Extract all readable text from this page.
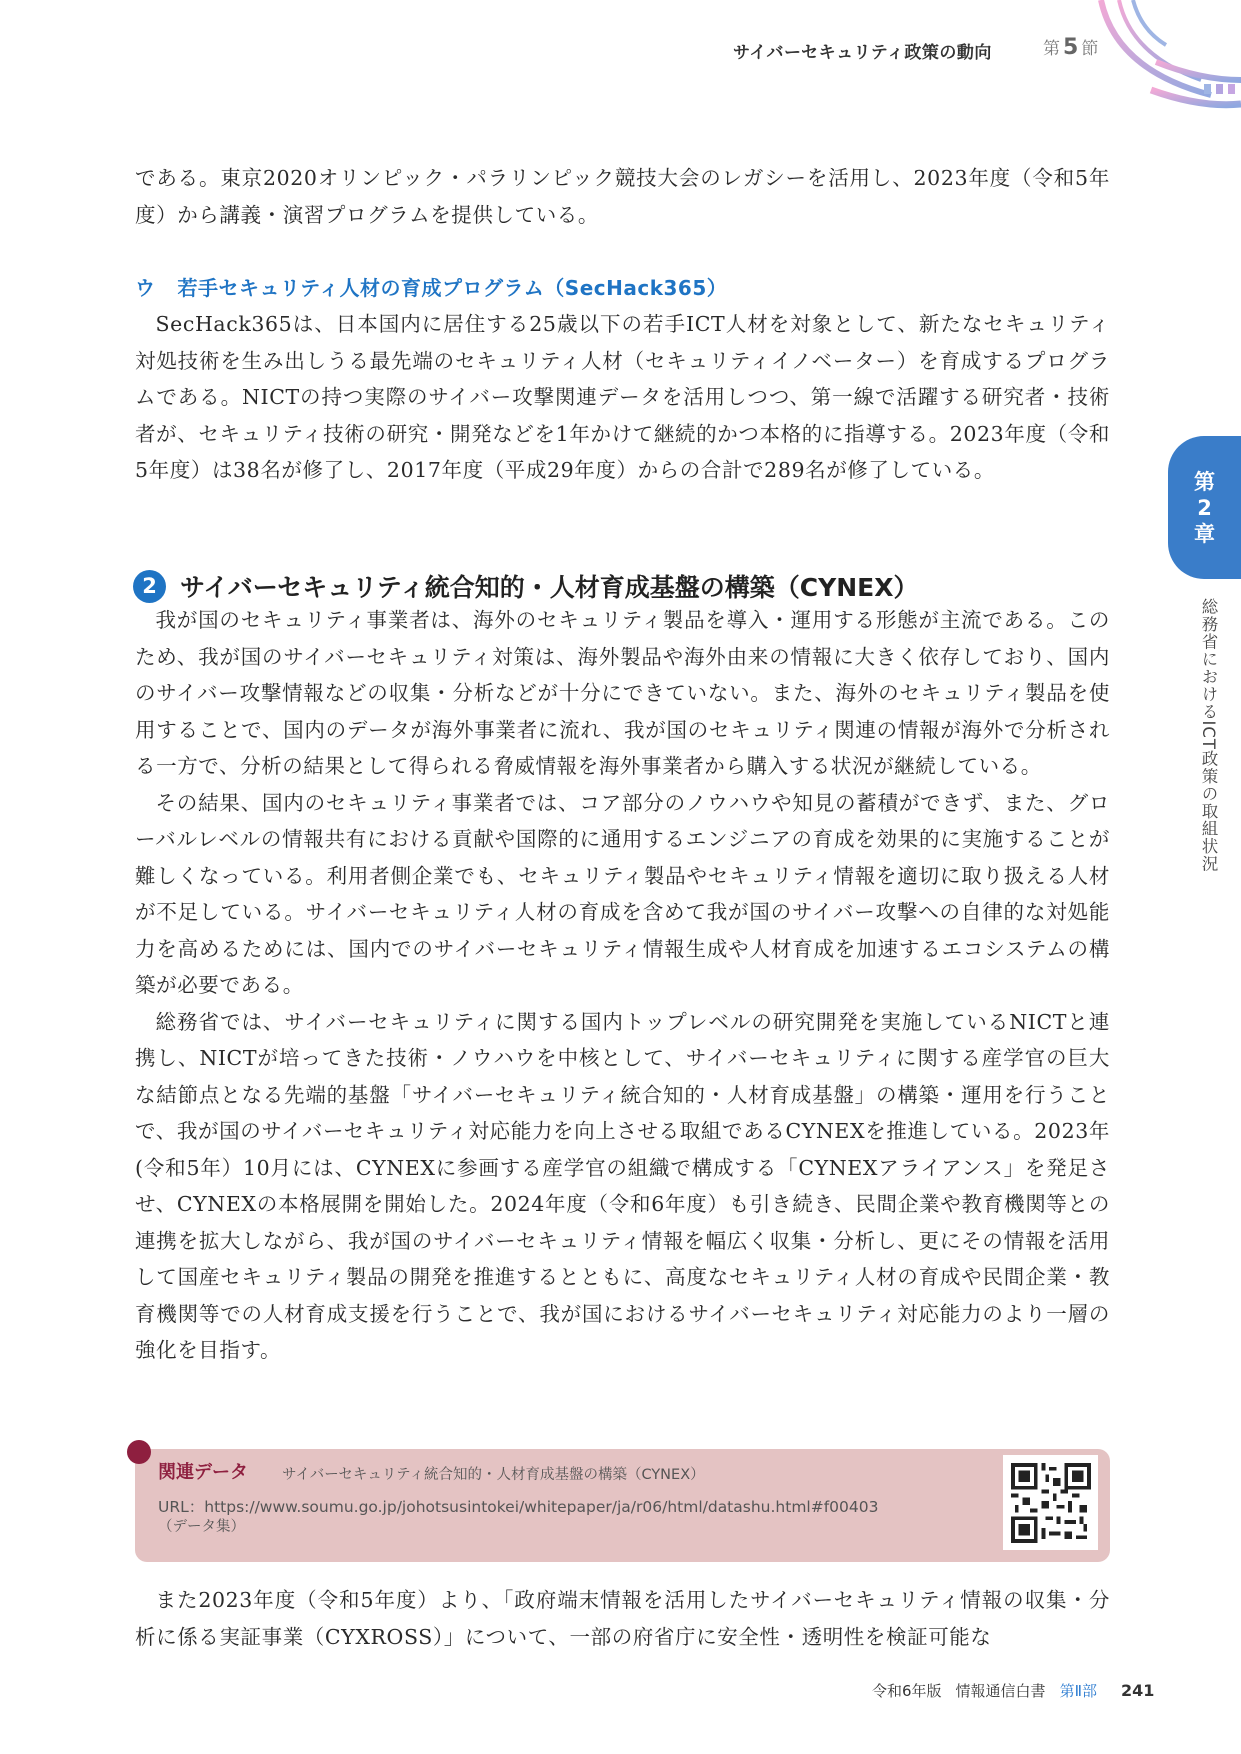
サイバーセキュリティ政策の動向	第 5 節
第
2
章
総務省におけるICT政策の取組状況

である。東京2020オリンピック・パラリンピック競技大会のレガシーを活用し、2023年度（令和5年度）から講義・演習プログラムを提供している。

ウ 若手セキュリティ人材の育成プログラム（SecHack365）

SecHack365は、日本国内に居住する25歳以下の若手ICT人材を対象として、新たなセキュリティ対処技術を生み出しうる最先端のセキュリティ人材（セキュリティイノベーター）を育成するプログラムである。NICTの持つ実際のサイバー攻撃関連データを活用しつつ、第一線で活躍する研究者・技術者が、セキュリティ技術の研究・開発などを1年かけて継続的かつ本格的に指導する。2023年度（令和5年度）は38名が修了し、2017年度（平成29年度）からの合計で289名が修了している。

2 サイバーセキュリティ統合知的・人材育成基盤の構築（CYNEX）

我が国のセキュリティ事業者は、海外のセキュリティ製品を導入・運用する形態が主流である。このため、我が国のサイバーセキュリティ対策は、海外製品や海外由来の情報に大きく依存しており、国内のサイバー攻撃情報などの収集・分析などが十分にできていない。また、海外のセキュリティ製品を使用することで、国内のデータが海外事業者に流れ、我が国のセキュリティ関連の情報が海外で分析される一方で、分析の結果として得られる脅威情報を海外事業者から購入する状況が継続している。

その結果、国内のセキュリティ事業者では、コア部分のノウハウや知見の蓄積ができず、また、グローバルレベルの情報共有における貢献や国際的に通用するエンジニアの育成を効果的に実施することが難しくなっている。利用者側企業でも、セキュリティ製品やセキュリティ情報を適切に取り扱える人材が不足している。サイバーセキュリティ人材の育成を含めて我が国のサイバー攻撃への自律的な対処能力を高めるためには、国内でのサイバーセキュリティ情報生成や人材育成を加速するエコシステムの構築が必要である。

総務省では、サイバーセキュリティに関する国内トップレベルの研究開発を実施しているNICTと連携し、NICTが培ってきた技術・ノウハウを中核として、サイバーセキュリティに関する産学官の巨大な結節点となる先端的基盤「サイバーセキュリティ統合知的・人材育成基盤」の構築・運用を行うことで、我が国のサイバーセキュリティ対応能力を向上させる取組であるCYNEXを推進している。2023年(令和5年）10月には、CYNEXに参画する産学官の組織で構成する「CYNEXアライアンス」を発足させ、CYNEXの本格展開を開始した。2024年度（令和6年度）も引き続き、民間企業や教育機関等との連携を拡大しながら、我が国のサイバーセキュリティ情報を幅広く収集・分析し、更にその情報を活用して国産セキュリティ製品の開発を推進するとともに、高度なセキュリティ人材の育成や民間企業・教育機関等での人材育成支援を行うことで、我が国におけるサイバーセキュリティ対応能力のより一層の強化を目指す。

関連データ サイバーセキュリティ統合知的・人材育成基盤の構築（CYNEX）
URL：https://www.soumu.go.jp/johotsusintokei/whitepaper/ja/r06/html/datashu.html#f00403
（データ集）

また2023年度（令和5年度）より、「政府端末情報を活用したサイバーセキュリティ情報の収集・分析に係る実証事業（CYXROSS）」について、一部の府省庁に安全性・透明性を検証可能な

令和6年版 情報通信白書 第Ⅱ部 241
